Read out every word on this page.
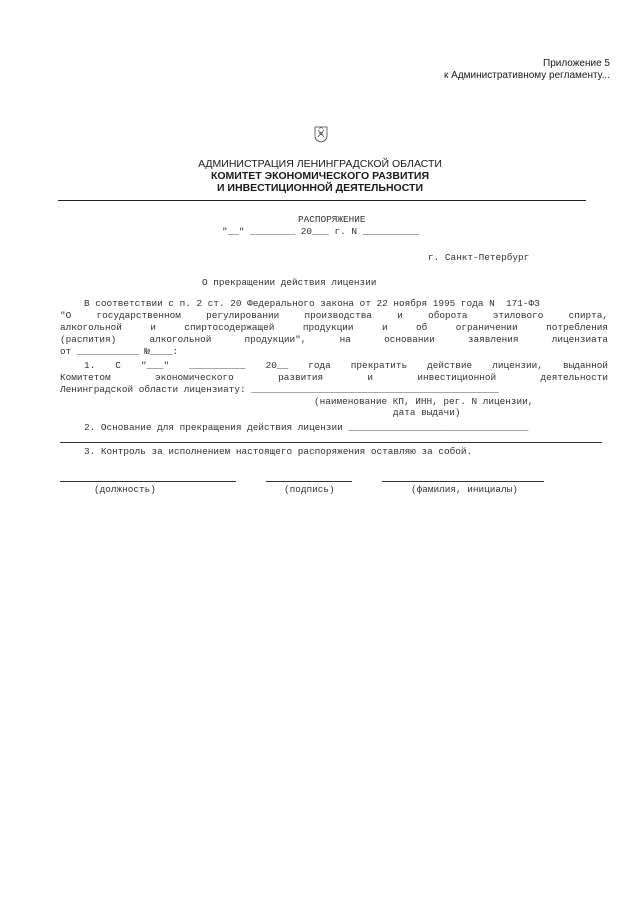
Приложение 5
к Административному регламенту...
АДМИНИСТРАЦИЯ ЛЕНИНГРАДСКОЙ ОБЛАСТИ
КОМИТЕТ ЭКОНОМИЧЕСКОГО РАЗВИТИЯ
И ИНВЕСТИЦИОННОЙ ДЕЯТЕЛЬНОСТИ
РАСПОРЯЖЕНИЕ
"__" ________ 20___ г. N __________
г. Санкт-Петербург
О прекращении действия лицензии
В соответствии с п. 2 ст. 20 Федерального закона от 22 ноября 1995 года N  171-ФЗ
"О государственном регулировании производства и оборота этилового спирта,
алкогольной и спиртосодержащей продукции и об ограничении потребления
(распития) алкогольной продукции", на основании заявления лицензиата
от ___________ №____:
1. С "___" __________ 20__ года прекратить действие лицензии, выданной
Комитетом экономического развития и инвестиционной деятельности
Ленинградской области лицензиату: ____________________________________________
(наименование КП, ИНН, рег. N лицензии,
дата выдачи)
2. Основание для прекращения действия лицензии ________________________________
3. Контроль за исполнением настоящего распоряжения оставляю за собой.
(должность)	(подпись)	(фамилия, инициалы)
